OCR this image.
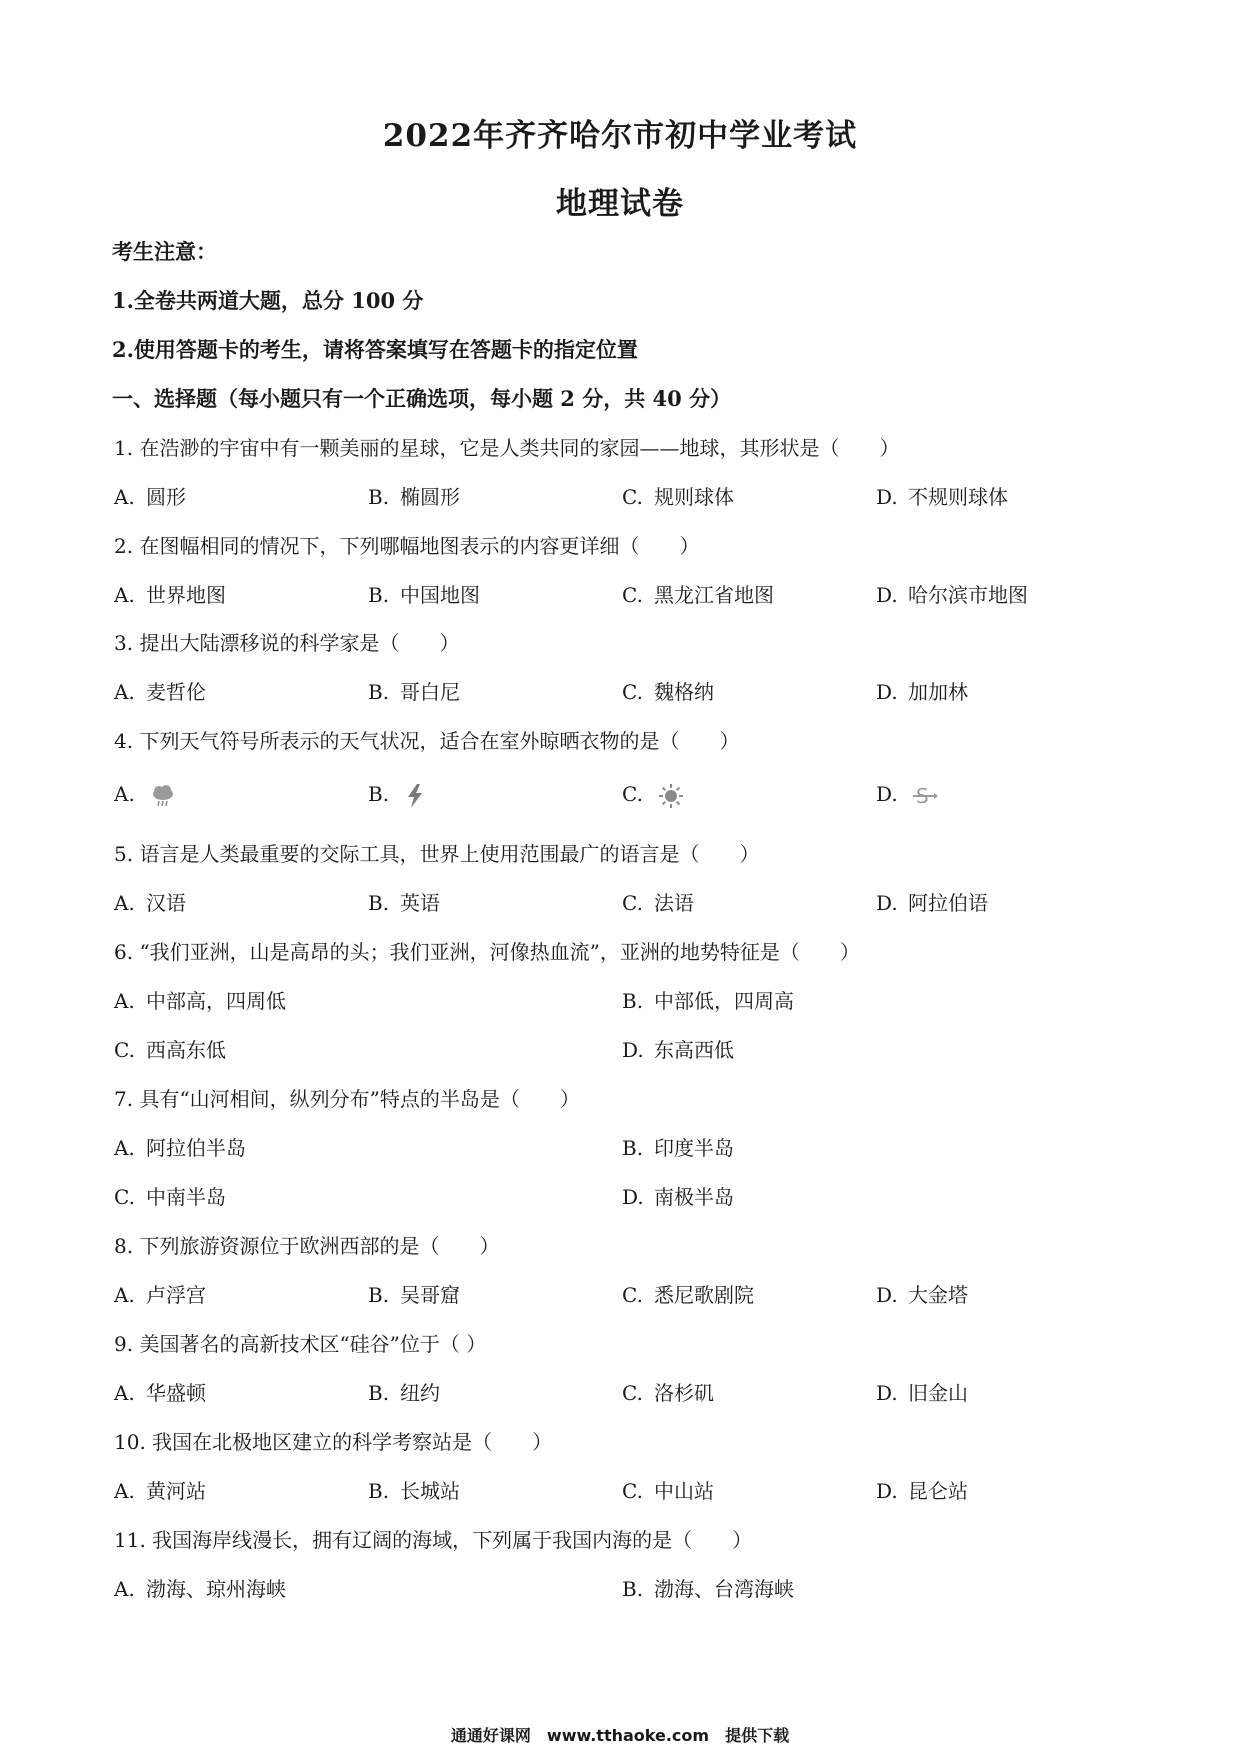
2022年齐齐哈尔市初中学业考试
地理试卷
考生注意：
1.全卷共两道大题，总分 100 分
2.使用答题卡的考生，请将答案填写在答题卡的指定位置
一、选择题（每小题只有一个正确选项，每小题 2 分，共 40 分）
1. 在浩渺的宇宙中有一颗美丽的星球，它是人类共同的家园——地球，其形状是（　　）
A. 圆形	B. 椭圆形	C. 规则球体	D. 不规则球体
2. 在图幅相同的情况下，下列哪幅地图表示的内容更详细（　　）
A. 世界地图	B. 中国地图	C. 黑龙江省地图	D. 哈尔滨市地图
3. 提出大陆漂移说的科学家是（　　）
A. 麦哲伦	B. 哥白尼	C. 魏格纳	D. 加加林
4. 下列天气符号所表示的天气状况，适合在室外晾晒衣物的是（　　）
A.	B.	C.	D. S
5. 语言是人类最重要的交际工具，世界上使用范围最广的语言是（　　）
A. 汉语	B. 英语	C. 法语	D. 阿拉伯语
6. “我们亚洲，山是高昂的头；我们亚洲，河像热血流”，亚洲的地势特征是（　　）
A. 中部高，四周低	B. 中部低，四周高
C. 西高东低	D. 东高西低
7. 具有“山河相间，纵列分布”特点的半岛是（　　）
A. 阿拉伯半岛	B. 印度半岛
C. 中南半岛	D. 南极半岛
8. 下列旅游资源位于欧洲西部的是（　　）
A. 卢浮宫	B. 吴哥窟	C. 悉尼歌剧院	D. 大金塔
9. 美国著名的高新技术区“硅谷”位于（ ）
A. 华盛顿	B. 纽约	C. 洛杉矶	D. 旧金山
10. 我国在北极地区建立的科学考察站是（　　）
A. 黄河站	B. 长城站	C. 中山站	D. 昆仑站
11. 我国海岸线漫长，拥有辽阔的海域，下列属于我国内海的是（　　）
A. 渤海、琼州海峡	B. 渤海、台湾海峡
通通好课网　www.tthaoke.com　提供下载
